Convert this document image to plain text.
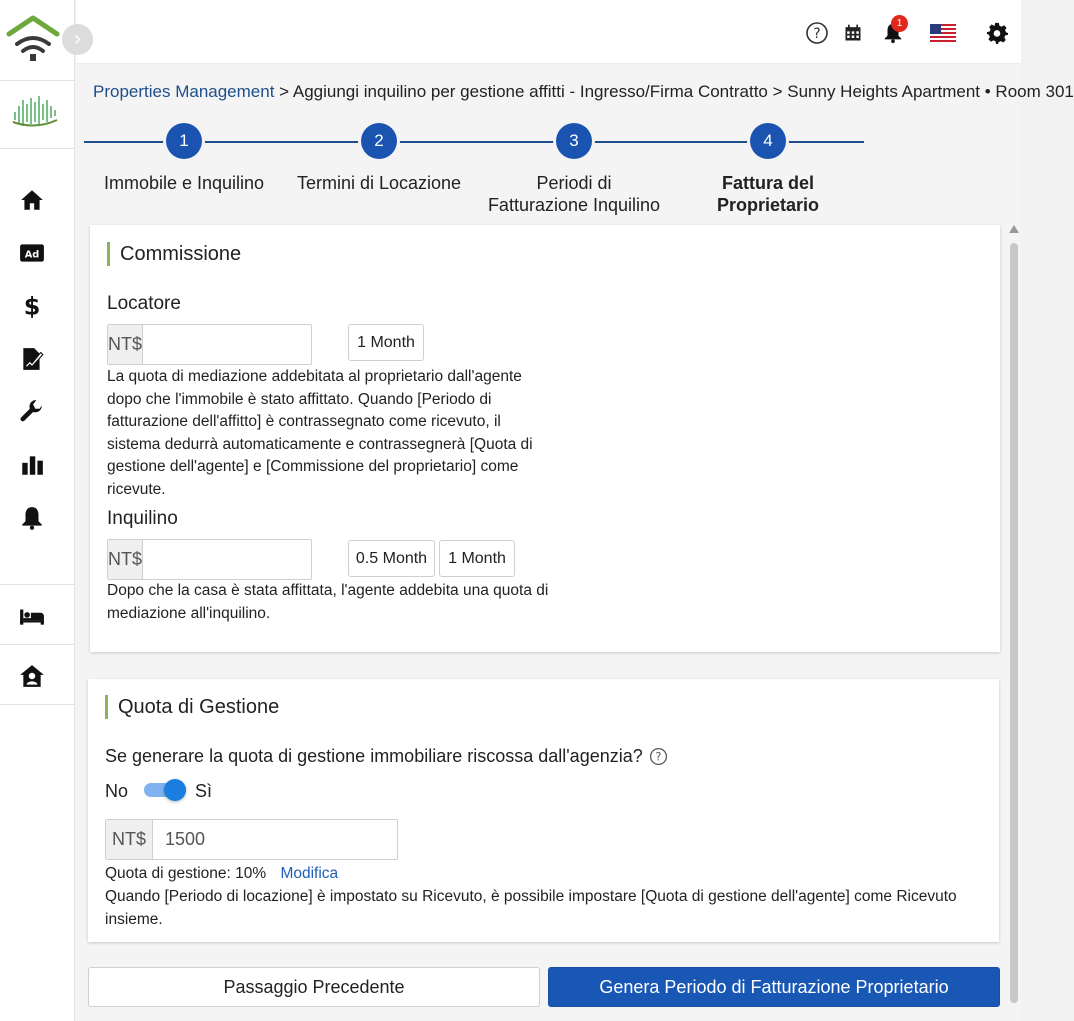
›
Ad
$
?
1
Properties Management > Aggiungi inquilino per gestione affitti - Ingresso/Firma Contratto > Sunny Heights Apartment • Room 301
1
Immobile e Inquilino
2
Termini di Locazione
3
Periodi di Fatturazione Inquilino
4
Fattura del Proprietario
Commissione
Locatore
NT$	1 Month
La quota di mediazione addebitata al proprietario dall'agente dopo che l'immobile è stato affittato. Quando [Periodo di fatturazione dell'affitto] è contrassegnato come ricevuto, il sistema dedurrà automaticamente e contrassegnerà [Quota di gestione dell'agente] e [Commissione del proprietario] come ricevute.
Inquilino
NT$	0.5 Month	1 Month
Dopo che la casa è stata affittata, l'agente addebita una quota di mediazione all'inquilino.
Quota di Gestione
Se generare la quota di gestione immobiliare riscossa dall'agenzia? ?
No	Sì
NT$
1500
Quota di gestione: 10% Modifica
Quando [Periodo di locazione] è impostato su Ricevuto, è possibile impostare [Quota di gestione dell'agente] come Ricevuto insieme.
Passaggio Precedente	Genera Periodo di Fatturazione Proprietario
